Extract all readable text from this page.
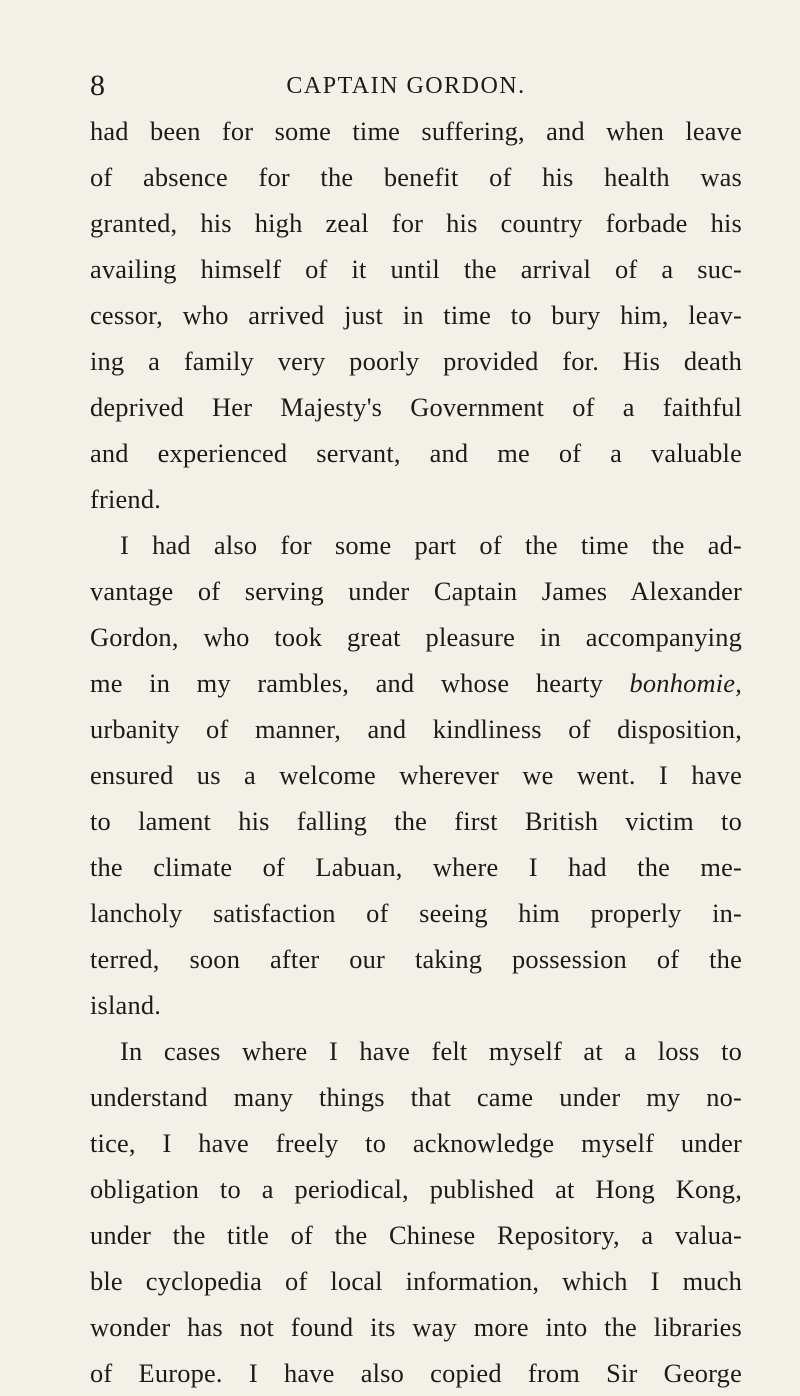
8	CAPTAIN GORDON.
had been for some time suffering, and when leave
of absence for the benefit of his health was
granted, his high zeal for his country forbade his
availing himself of it until the arrival of a suc-
cessor, who arrived just in time to bury him, leav-
ing a family very poorly provided for. His death
deprived Her Majesty's Government of a faithful
and experienced servant, and me of a valuable
friend.
I had also for some part of the time the ad-
vantage of serving under Captain James Alexander
Gordon, who took great pleasure in accompanying
me in my rambles, and whose hearty bonhomie,
urbanity of manner, and kindliness of disposition,
ensured us a welcome wherever we went. I have
to lament his falling the first British victim to
the climate of Labuan, where I had the me-
lancholy satisfaction of seeing him properly in-
terred, soon after our taking possession of the
island.
In cases where I have felt myself at a loss to
understand many things that came under my no-
tice, I have freely to acknowledge myself under
obligation to a periodical, published at Hong Kong,
under the title of the Chinese Repository, a valua-
ble cyclopedia of local information, which I much
wonder has not found its way more into the libraries
of Europe. I have also copied from Sir George
